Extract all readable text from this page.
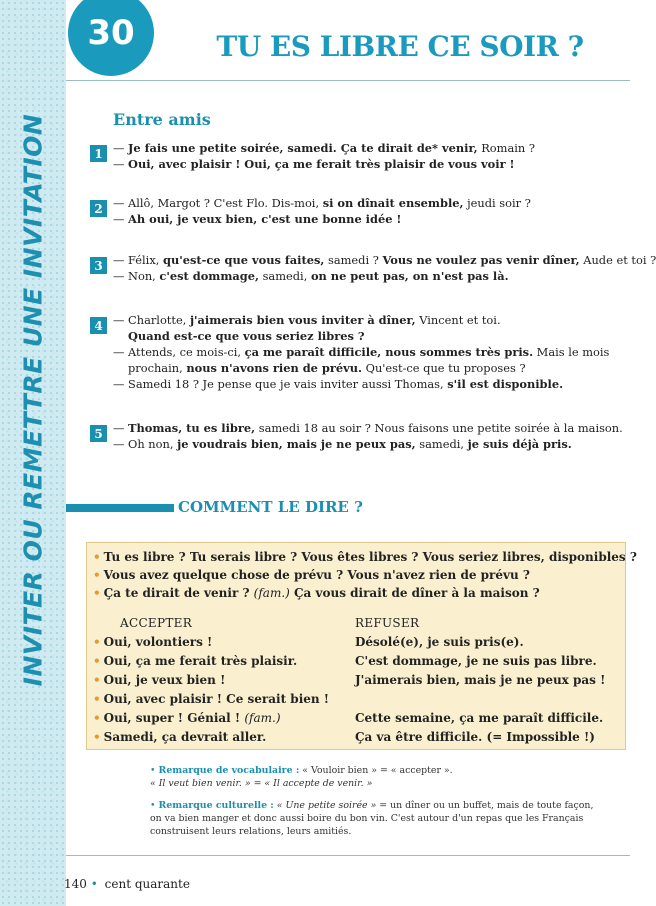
INVITER OU REMETTRE UNE INVITATION
30	TU ES LIBRE CE SOIR ?
Entre amis
1 — Je fais une petite soirée, samedi. Ça te dirait de* venir, Romain ?
— Oui, avec plaisir ! Oui, ça me ferait très plaisir de vous voir !
2 — Allô, Margot ? C'est Flo. Dis-moi, si on dînait ensemble, jeudi soir ?
— Ah oui, je veux bien, c'est une bonne idée !
3 — Félix, qu'est-ce que vous faites, samedi ? Vous ne voulez pas venir dîner, Aude et toi ?
— Non, c'est dommage, samedi, on ne peut pas, on n'est pas là.
4 — Charlotte, j'aimerais bien vous inviter à dîner, Vincent et toi.
Quand est-ce que vous seriez libres ?
— Attends, ce mois-ci, ça me paraît difficile, nous sommes très pris. Mais le mois
prochain, nous n'avons rien de prévu. Qu'est-ce que tu proposes ?
— Samedi 18 ? Je pense que je vais inviter aussi Thomas, s'il est disponible.
5 — Thomas, tu es libre, samedi 18 au soir ? Nous faisons une petite soirée à la maison.
— Oh non, je voudrais bien, mais je ne peux pas, samedi, je suis déjà pris.
COMMENT LE DIRE ?
• Tu es libre ? Tu serais libre ? Vous êtes libres ? Vous seriez libres, disponibles ?
• Vous avez quelque chose de prévu ? Vous n'avez rien de prévu ?
• Ça te dirait de venir ? (fam.) Ça vous dirait de dîner à la maison ?
ACCEPTER	REFUSER
• Oui, volontiers !
• Oui, ça me ferait très plaisir.
• Oui, je veux bien !
• Oui, avec plaisir ! Ce serait bien !
• Oui, super ! Génial ! (fam.)
• Samedi, ça devrait aller.
Désolé(e), je suis pris(e).
C'est dommage, je ne suis pas libre.
J'aimerais bien, mais je ne peux pas !
Cette semaine, ça me paraît difficile.
Ça va être difficile. (= Impossible !)
• Remarque de vocabulaire : « Vouloir bien » = « accepter ».
« Il veut bien venir. » = « Il accepte de venir. »
• Remarque culturelle : « Une petite soirée » = un dîner ou un buffet, mais de toute façon,
on va bien manger et donc aussi boire du bon vin. C'est autour d'un repas que les Français
construisent leurs relations, leurs amitiés.
140 • cent quarante
